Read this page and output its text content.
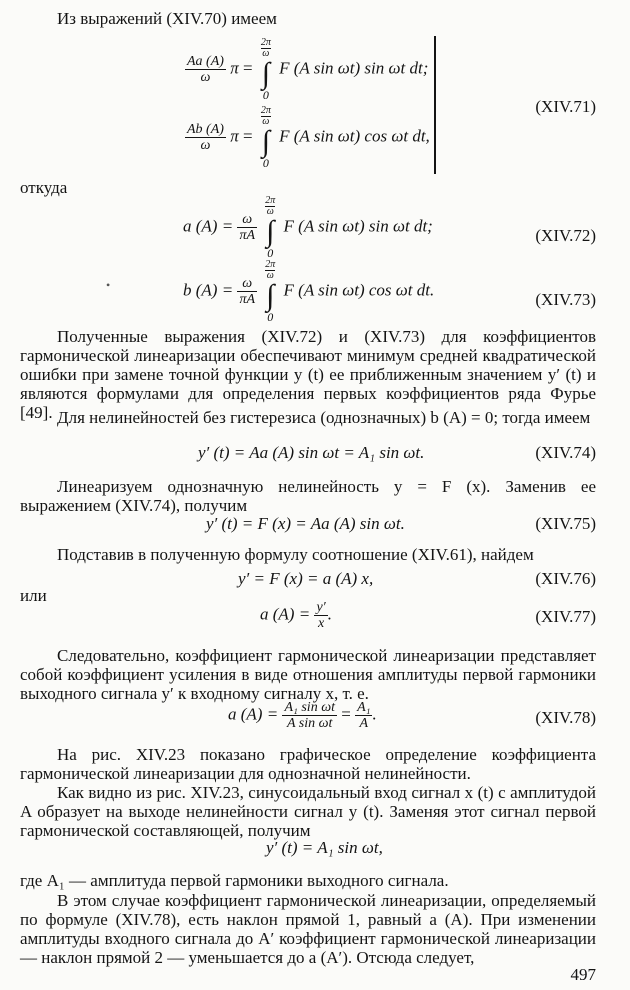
Из выражений (XIV.70) имеем
$\frac{Aa (A)}{\omega}$ π =
2π
ω
∫
0
F (A sin ωt) sin ωt dt;
$\frac{Ab (A)}{\omega}$ π =
2π
ω
∫
0
F (A sin ωt) cos ωt dt,
(XIV.71)
откуда
a $(A) = \frac{\omega}{\pi A}$

2π
ω
∫
0
F (A sin ωt) sin ωt dt;
(XIV.72)
•	b $(A) = \frac{\omega}{\pi A}$

2π
ω
∫
0
F (A sin ωt) cos ωt dt.
(XIV.73)
Полученные выражения (XIV.72) и (XIV.73) для коэффициентов гармонической линеаризации обеспечивают минимум средней квадратической ошибки при замене точной функции y (t) ее приближенным значением y′ (t) и являются формулами для определения первых коэффициентов ряда Фурье [49]. Для нелинейностей без гистерезиса (однозначных) b (A) = 0; тогда имеем
y′ (t) = Aa (A) sin ωt = A₁ sin ωt.	(XIV.74)
Линеаризуем однозначную нелинейность y = F (x). Заменив ее выражением (XIV.74), получим
y′ (t) = F (x) = Aa (A) sin ωt.	(XIV.75)
Подставив в полученную формулу соотношение (XIV.61), найдем
y′ = F (x) = a (A) x,	(XIV.76)
или
a $(A) = \frac{y'}{x}$ .	(XIV.77)
Следовательно, коэффициент гармонической линеаризации представляет собой коэффициент усиления в виде отношения амплитуды первой гармоники выходного сигнала y′ к входному сигналу x, т. е.
a $(A) = \frac{\text{A₁ sin ωt}}{\text{A sin ωt}} = \frac{\text{A₁}}{A}$ .	(XIV.78)
На рис. XIV.23 показано графическое определение коэффициента гармонической линеаризации для однозначной нелинейности.
Как видно из рис. XIV.23, синусоидальный вход сигнал x (t) с амплитудой A образует на выходе нелинейности сигнал y (t). Заменяя этот сигнал первой гармонической составляющей, получим
y′ (t) = A₁ sin ωt,
где A₁ — амплитуда первой гармоники выходного сигнала.
В этом случае коэффициент гармонической линеаризации, определяемый по формуле (XIV.78), есть наклон прямой 1, равный a (A). При изменении амплитуды входного сигнала до A′ коэффициент гармонической линеаризации — наклон прямой 2 — уменьшается до a (A′). Отсюда следует,
497
